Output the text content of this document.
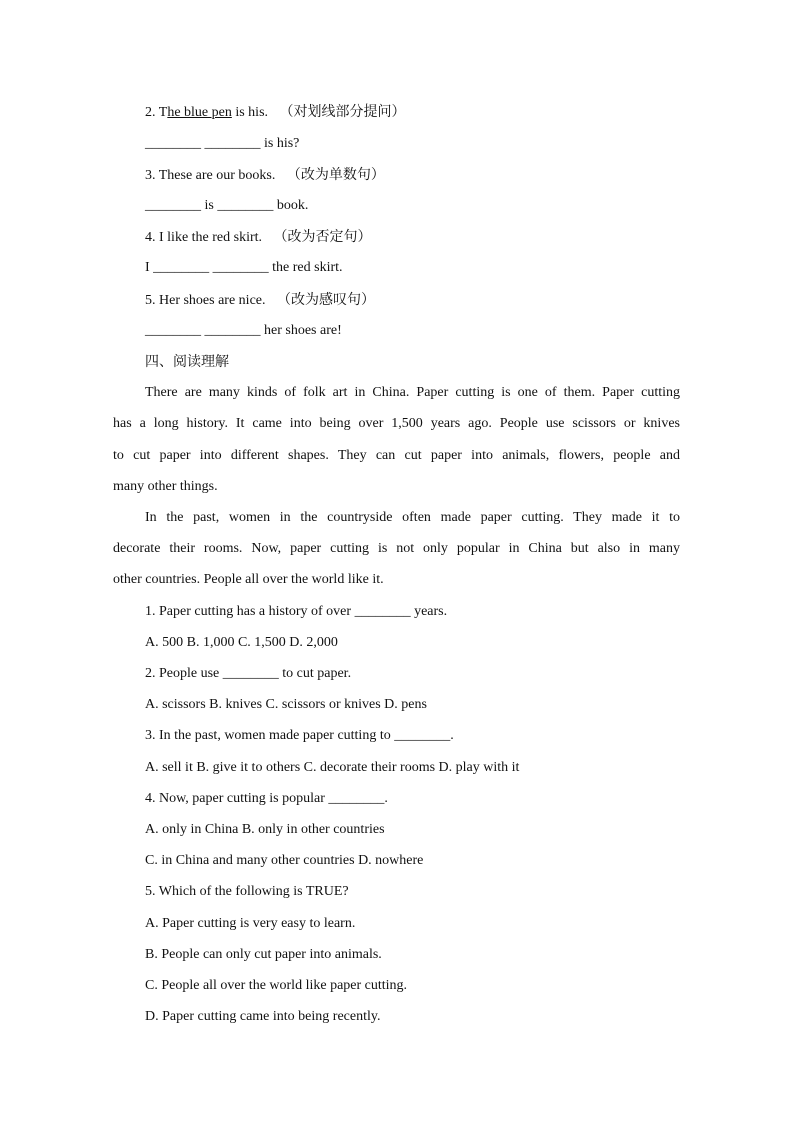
2. The blue pen is his. （对划线部分提问）
________ ________ is his?
3. These are our books. （改为单数句）
________ is ________ book.
4. I like the red skirt. （改为否定句）
I ________ ________ the red skirt.
5. Her shoes are nice. （改为感叹句）
________ ________ her shoes are!
四、阅读理解
There are many kinds of folk art in China. Paper cutting is one of them. Paper cutting
has a long history. It came into being over 1,500 years ago. People use scissors or knives
to cut paper into different shapes. They can cut paper into animals, flowers, people and
many other things.
In the past, women in the countryside often made paper cutting. They made it to
decorate their rooms. Now, paper cutting is not only popular in China but also in many
other countries. People all over the world like it.
1. Paper cutting has a history of over ________ years.
A. 500 B. 1,000 C. 1,500 D. 2,000
2. People use ________ to cut paper.
A. scissors B. knives C. scissors or knives D. pens
3. In the past, women made paper cutting to ________.
A. sell it B. give it to others C. decorate their rooms D. play with it
4. Now, paper cutting is popular ________.
A. only in China B. only in other countries
C. in China and many other countries D. nowhere
5. Which of the following is TRUE?
A. Paper cutting is very easy to learn.
B. People can only cut paper into animals.
C. People all over the world like paper cutting.
D. Paper cutting came into being recently.
